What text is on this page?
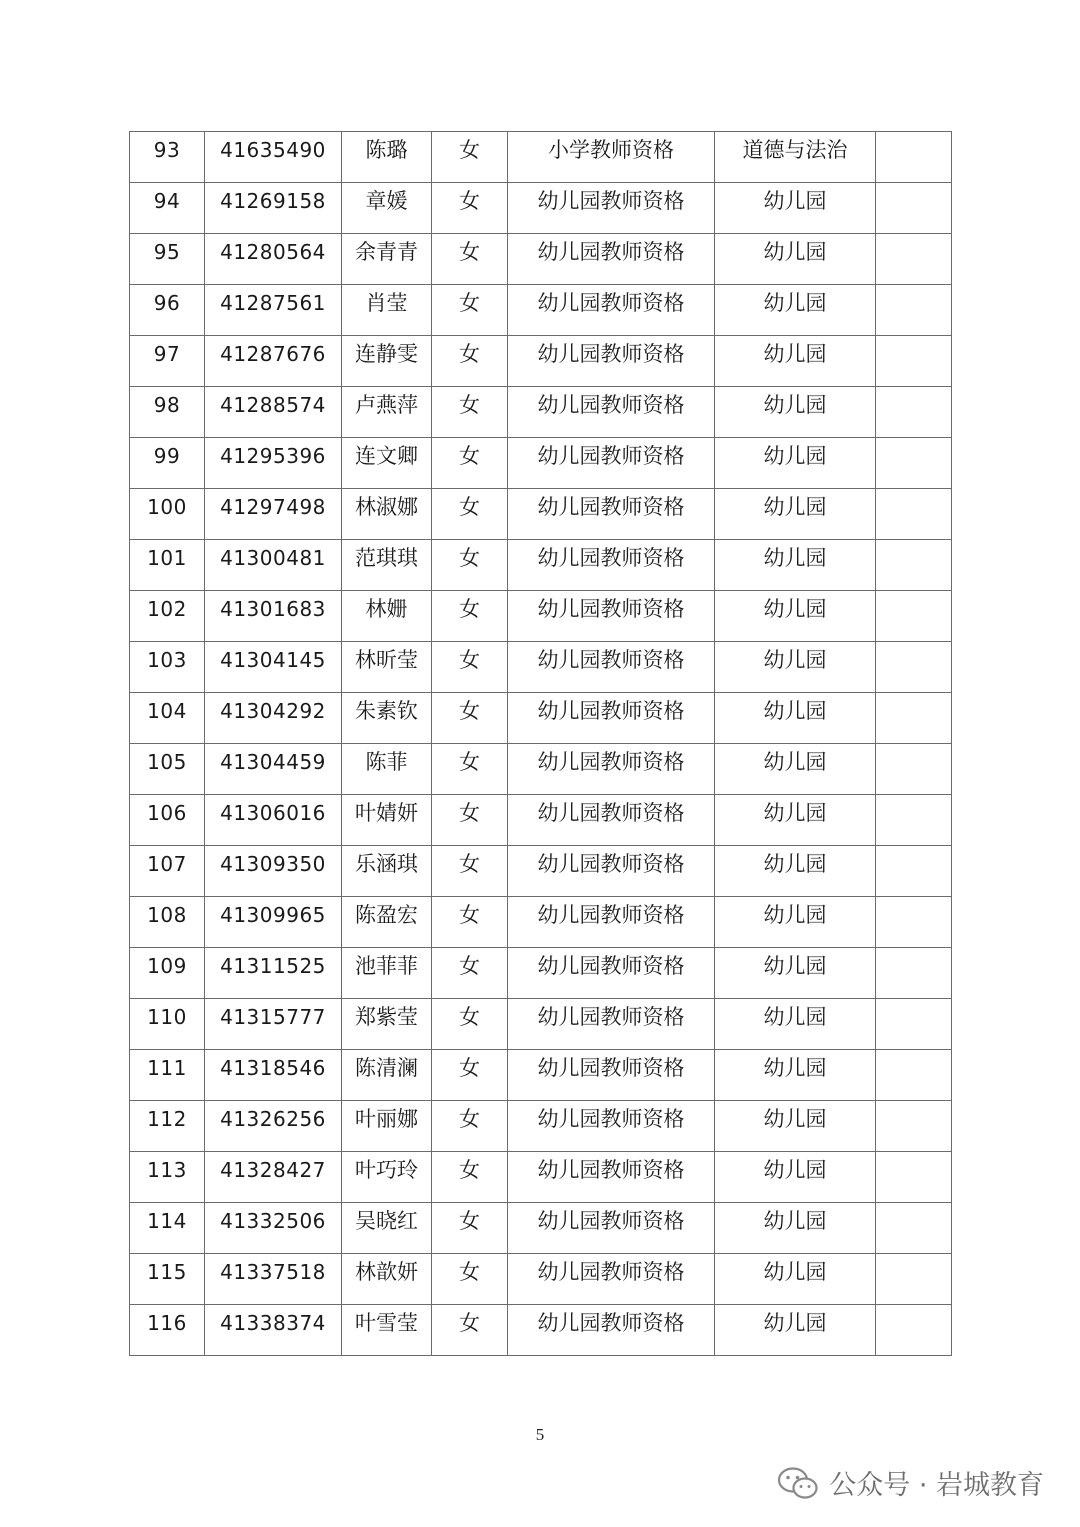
93	41635490	陈璐	女	小学教师资格	道德与法治	
94	41269158	章媛	女	幼儿园教师资格	幼儿园	
95	41280564	余青青	女	幼儿园教师资格	幼儿园	
96	41287561	肖莹	女	幼儿园教师资格	幼儿园	
97	41287676	连静雯	女	幼儿园教师资格	幼儿园	
98	41288574	卢燕萍	女	幼儿园教师资格	幼儿园	
99	41295396	连文卿	女	幼儿园教师资格	幼儿园	
100	41297498	林淑娜	女	幼儿园教师资格	幼儿园	
101	41300481	范琪琪	女	幼儿园教师资格	幼儿园	
102	41301683	林姗	女	幼儿园教师资格	幼儿园	
103	41304145	林昕莹	女	幼儿园教师资格	幼儿园	
104	41304292	朱素钦	女	幼儿园教师资格	幼儿园	
105	41304459	陈菲	女	幼儿园教师资格	幼儿园	
106	41306016	叶婧妍	女	幼儿园教师资格	幼儿园	
107	41309350	乐涵琪	女	幼儿园教师资格	幼儿园	
108	41309965	陈盈宏	女	幼儿园教师资格	幼儿园	
109	41311525	池菲菲	女	幼儿园教师资格	幼儿园	
110	41315777	郑紫莹	女	幼儿园教师资格	幼儿园	
111	41318546	陈清澜	女	幼儿园教师资格	幼儿园	
112	41326256	叶丽娜	女	幼儿园教师资格	幼儿园	
113	41328427	叶巧玲	女	幼儿园教师资格	幼儿园	
114	41332506	吴晓红	女	幼儿园教师资格	幼儿园	
115	41337518	林歆妍	女	幼儿园教师资格	幼儿园	
116	41338374	叶雪莹	女	幼儿园教师资格	幼儿园	
5
公众号 · 岩城教育
